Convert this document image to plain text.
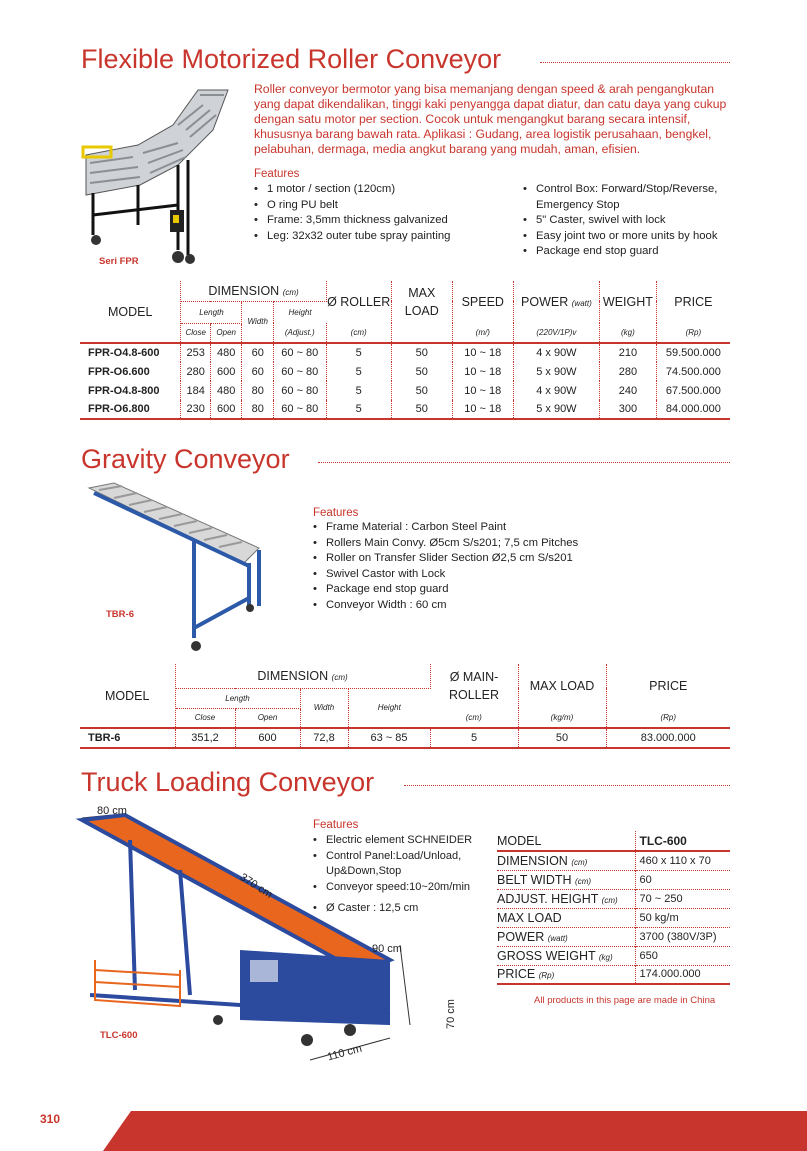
Flexible Motorized Roller Conveyor
Seri FPR
Roller conveyor bermotor yang bisa memanjang dengan speed & arah pengangkutan yang dapat dikendalikan, tinggi kaki penyangga dapat diatur, dan catu daya yang cukup dengan satu motor per section. Cocok untuk mengangkut barang secara intensif, khususnya barang bawah rata. Aplikasi : Gudang, area logistik perusahaan, bengkel, pelabuhan, dermaga, media angkut barang yang mudah, aman, efisien.
Features
• 1 motor / section (120cm)
• O ring PU belt
• Frame: 3,5mm thickness galvanized
• Leg: 32x32 outer tube spray painting
• Control Box: Forward/Stop/Reverse, Emergency Stop
• 5" Caster, swivel with lock
• Easy joint two or more units by hook
• Package end stop guard
MODEL	DIMENSION (cm)				Ø ROLLER	MAX LOAD	SPEED	POWER (watt)	WEIGHT	PRICE
	Length		Width	Height						
	Close	Open		(Adjust.)	(cm)		(m/)	(220V/1P)v	(kg)	(Rp)
FPR-O4.8-600	253	480	60	60 ~ 80	5	50	10 ~ 18	4 x 90W	210	59.500.000
FPR-O6.600	280	600	60	60 ~ 80	5	50	10 ~ 18	5 x 90W	280	74.500.000
FPR-O4.8-800	184	480	80	60 ~ 80	5	50	10 ~ 18	4 x 90W	240	67.500.000
FPR-O6.800	230	600	80	60 ~ 80	5	50	10 ~ 18	5 x 90W	300	84.000.000
Gravity Conveyor
TBR-6
Features
• Frame Material : Carbon Steel Paint
• Rollers Main Convy. Ø5cm S/s201; 7,5 cm Pitches
• Roller on Transfer Slider Section Ø2,5 cm S/s201
• Swivel Castor with Lock
• Package end stop guard
• Conveyor Width : 60 cm
MODEL	DIMENSION (cm)				Ø MAIN-ROLLER	MAX LOAD	PRICE
	Length		Width	Height			
	Close	Open			(cm)	(kg/m)	(Rp)
TBR-6	351,2	600	72,8	63 ~ 85	5	50	83.000.000
Truck Loading Conveyor
80 cm
370 cm
90 cm
70 cm
110 cm
TLC-600
Features
• Electric element SCHNEIDER
• Control Panel:Load/Unload, Up&Down,Stop
• Conveyor speed:10~20m/min
• Ø Caster : 12,5 cm
MODEL	TLC-600
DIMENSION (cm)	460 x 110 x 70
BELT WIDTH (cm)	60
ADJUST. HEIGHT (cm)	70 ~ 250
MAX LOAD	50 kg/m
POWER (watt)	3700 (380V/3P)
GROSS WEIGHT (kg)	650
PRICE (Rp)	174.000.000
All products in this page are made in China
310
